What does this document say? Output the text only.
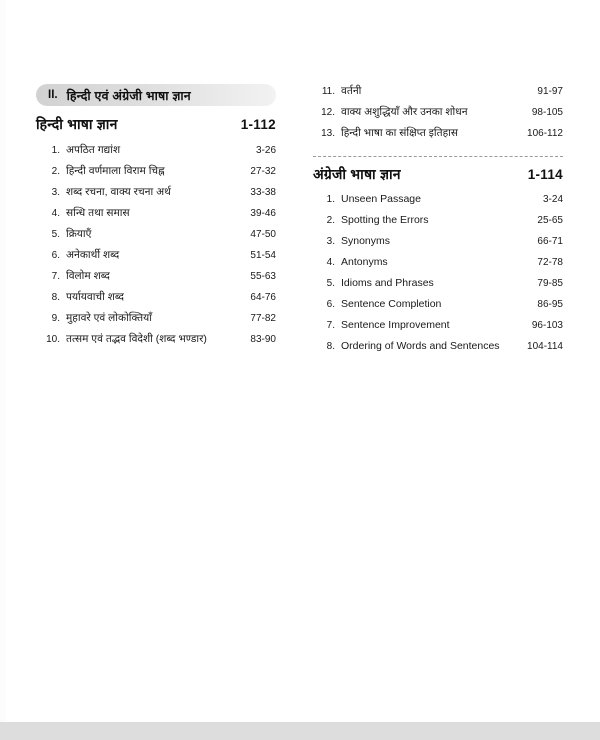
II. हिन्दी एवं अंग्रेजी भाषा ज्ञान
हिन्दी भाषा ज्ञान	1-112
1. अपठित गद्यांश	3-26
2. हिन्दी वर्णमाला विराम चिह्न	27-32
3. शब्द रचना, वाक्य रचना अर्थ	33-38
4. सन्धि तथा समास	39-46
5. क्रियाएँ	47-50
6. अनेकार्थी शब्द	51-54
7. विलोम शब्द	55-63
8. पर्यायवाची शब्द	64-76
9. मुहावरे एवं लोकोक्तियाँ	77-82
10. तत्सम एवं तद्भव विदेशी (शब्द भण्डार)	83-90
11. वर्तनी	91-97
12. वाक्य अशुद्धियाँ और उनका शोधन	98-105
13. हिन्दी भाषा का संक्षिप्त इतिहास	106-112
अंग्रेजी भाषा ज्ञान	1-114
1. Unseen Passage	3-24
2. Spotting the Errors	25-65
3. Synonyms	66-71
4. Antonyms	72-78
5. Idioms and Phrases	79-85
6. Sentence Completion	86-95
7. Sentence Improvement	96-103
8. Ordering of Words and Sentences	104-114
